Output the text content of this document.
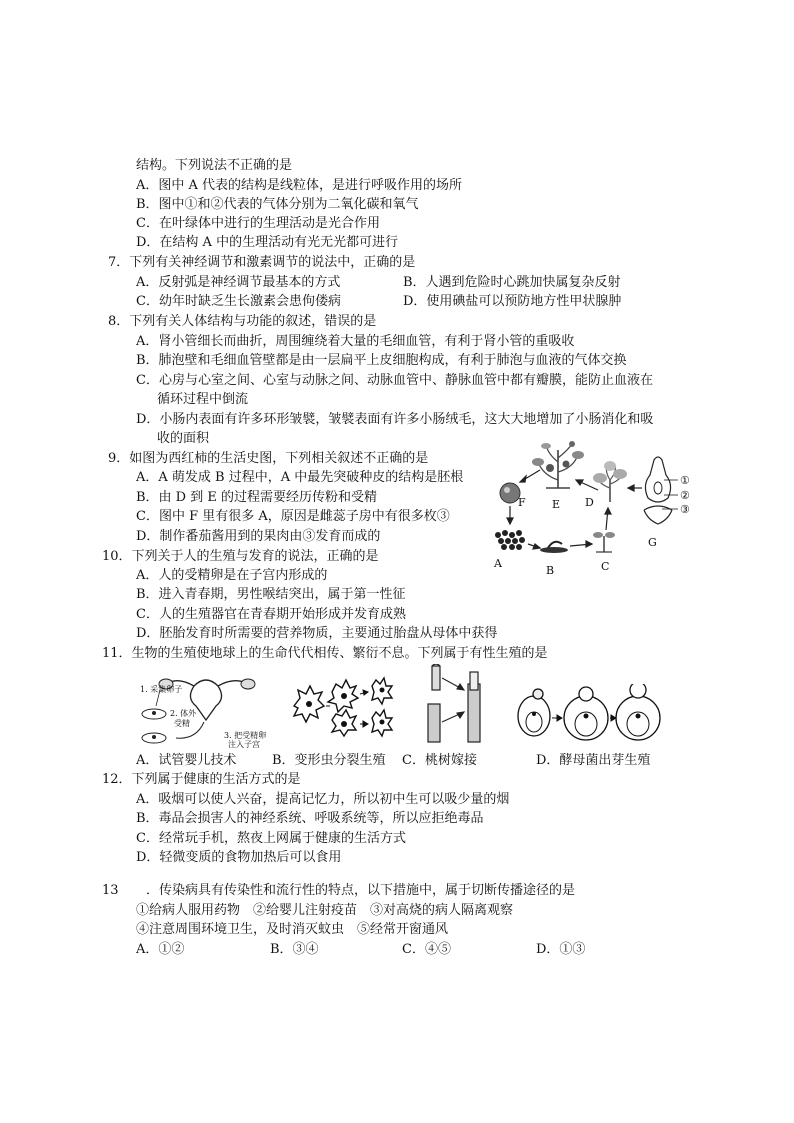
结构。下列说法不正确的是
A．图中 A 代表的结构是线粒体，是进行呼吸作用的场所
B．图中①和②代表的气体分别为二氧化碳和氧气
C．在叶绿体中进行的生理活动是光合作用
D．在结构 A 中的生理活动有光无光都可进行
7．下列有关神经调节和激素调节的说法中，正确的是
A．反射弧是神经调节最基本的方式	B．人遇到危险时心跳加快属复杂反射
C．幼年时缺乏生长激素会患佝偻病	D．使用碘盐可以预防地方性甲状腺肿
8．下列有关人体结构与功能的叙述，错误的是
A．肾小管细长而曲折，周围缠绕着大量的毛细血管，有利于肾小管的重吸收
B．肺泡壁和毛细血管壁都是由一层扁平上皮细胞构成，有利于肺泡与血液的气体交换
C．心房与心室之间、心室与动脉之间、动脉血管中、静脉血管中都有瓣膜，能防止血液在
循环过程中倒流
D．小肠内表面有许多环形皱襞，皱襞表面有许多小肠绒毛，这大大地增加了小肠消化和吸
收的面积
9．如图为西红柿的生活史图，下列相关叙述不正确的是
A．A 萌发成 B 过程中，A 中最先突破种皮的结构是胚根
B．由 D 到 E 的过程需要经历传粉和受精
C．图中 F 里有很多 A，原因是雌蕊子房中有很多枚③
D．制作番茄酱用到的果肉由③发育而成的
A
B	C
D
E
F
G
①
②
③
10．下列关于人的生殖与发育的说法，正确的是
A．人的受精卵是在子宫内形成的
B．进入青春期，男性喉结突出，属于第一性征
C．人的生殖器官在青春期开始形成并发育成熟
D．胚胎发育时所需要的营养物质，主要通过胎盘从母体中获得
11．生物的生殖使地球上的生命代代相传、繁衍不息。下列属于有性生殖的是
1. 采集卵子
2. 体外
受精
3. 把受精卵
注入子宫
A．试管婴儿技术	B．变形虫分裂生殖 C．桃树嫁接	D．酵母菌出芽生殖
12．下列属于健康的生活方式的是
A．吸烟可以使人兴奋，提高记忆力，所以初中生可以吸少量的烟
B．毒品会损害人的神经系统、呼吸系统等，所以应拒绝毒品
C．经常玩手机，熬夜上网属于健康的生活方式
D．轻微变质的食物加热后可以食用
13 ．传染病具有传染性和流行性的特点，以下措施中，属于切断传播途径的是
①给病人服用药物　②给婴儿注射疫苗　③对高烧的病人隔离观察
④注意周围环境卫生，及时消灭蚊虫　⑤经常开窗通风
A．①②	B．③④	C．④⑤	D．①③
